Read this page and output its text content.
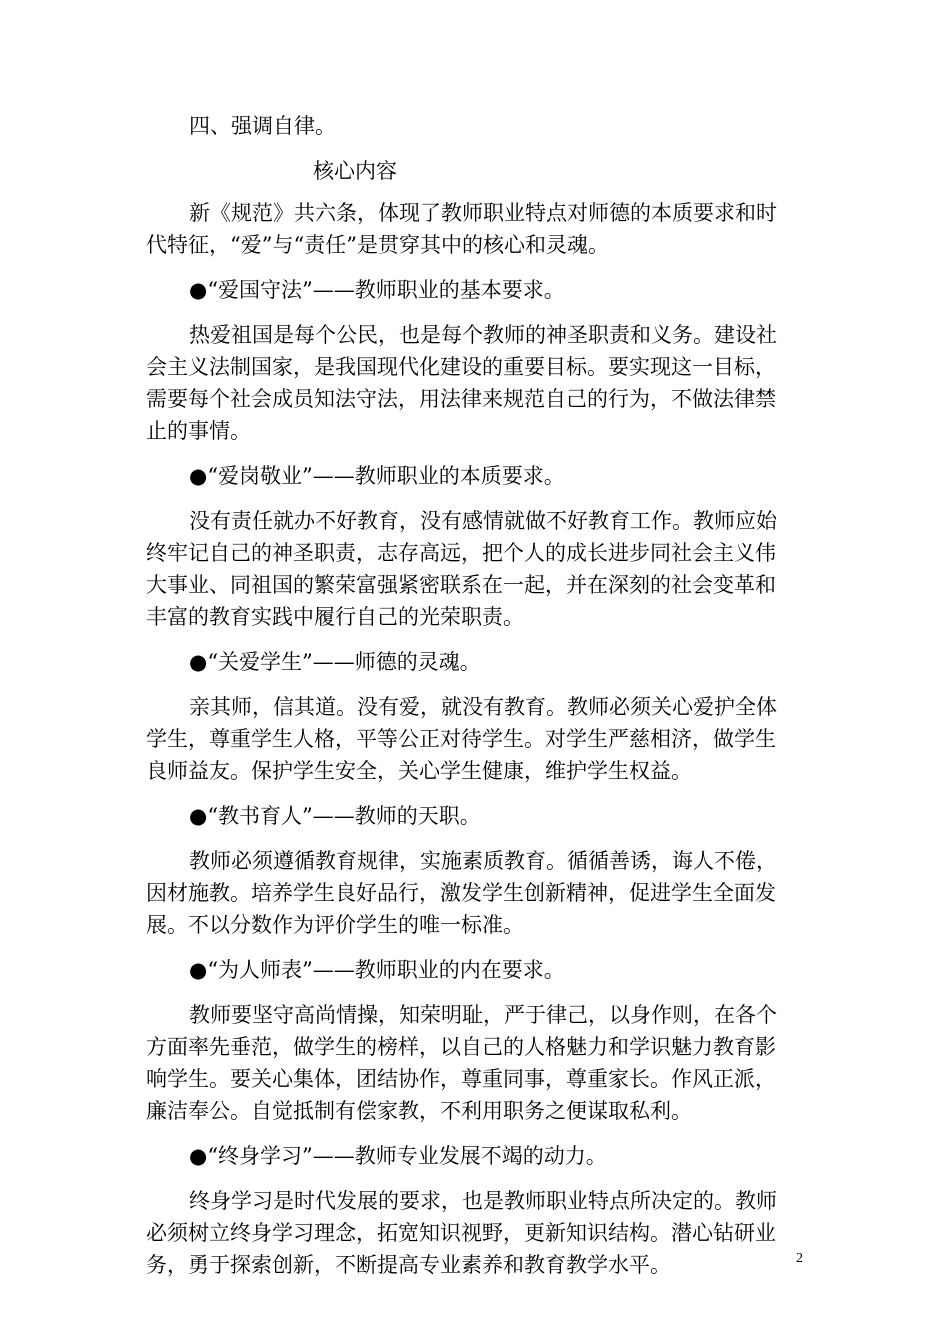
四、强调自律。

核心内容

新《规范》共六条，体现了教师职业特点对师德的本质要求和时

代特征，“爱”与“责任”是贯穿其中的核心和灵魂。

●“爱国守法”——教师职业的基本要求。

热爱祖国是每个公民，也是每个教师的神圣职责和义务。建设社

会主义法制国家，是我国现代化建设的重要目标。要实现这一目标，

需要每个社会成员知法守法，用法律来规范自己的行为，不做法律禁

止的事情。

●“爱岗敬业”——教师职业的本质要求。

没有责任就办不好教育，没有感情就做不好教育工作。教师应始

终牢记自己的神圣职责，志存高远，把个人的成长进步同社会主义伟

大事业、同祖国的繁荣富强紧密联系在一起，并在深刻的社会变革和

丰富的教育实践中履行自己的光荣职责。

●“关爱学生”——师德的灵魂。

亲其师，信其道。没有爱，就没有教育。教师必须关心爱护全体

学生，尊重学生人格，平等公正对待学生。对学生严慈相济，做学生

良师益友。保护学生安全，关心学生健康，维护学生权益。

●“教书育人”——教师的天职。

教师必须遵循教育规律，实施素质教育。循循善诱，诲人不倦，

因材施教。培养学生良好品行，激发学生创新精神，促进学生全面发

展。不以分数作为评价学生的唯一标准。

●“为人师表”——教师职业的内在要求。

教师要坚守高尚情操，知荣明耻，严于律己，以身作则，在各个

方面率先垂范，做学生的榜样，以自己的人格魅力和学识魅力教育影

响学生。要关心集体，团结协作，尊重同事，尊重家长。作风正派，

廉洁奉公。自觉抵制有偿家教，不利用职务之便谋取私利。

●“终身学习”——教师专业发展不竭的动力。

终身学习是时代发展的要求，也是教师职业特点所决定的。教师

必须树立终身学习理念，拓宽知识视野，更新知识结构。潜心钻研业

务，勇于探索创新，不断提高专业素养和教育教学水平。	2
